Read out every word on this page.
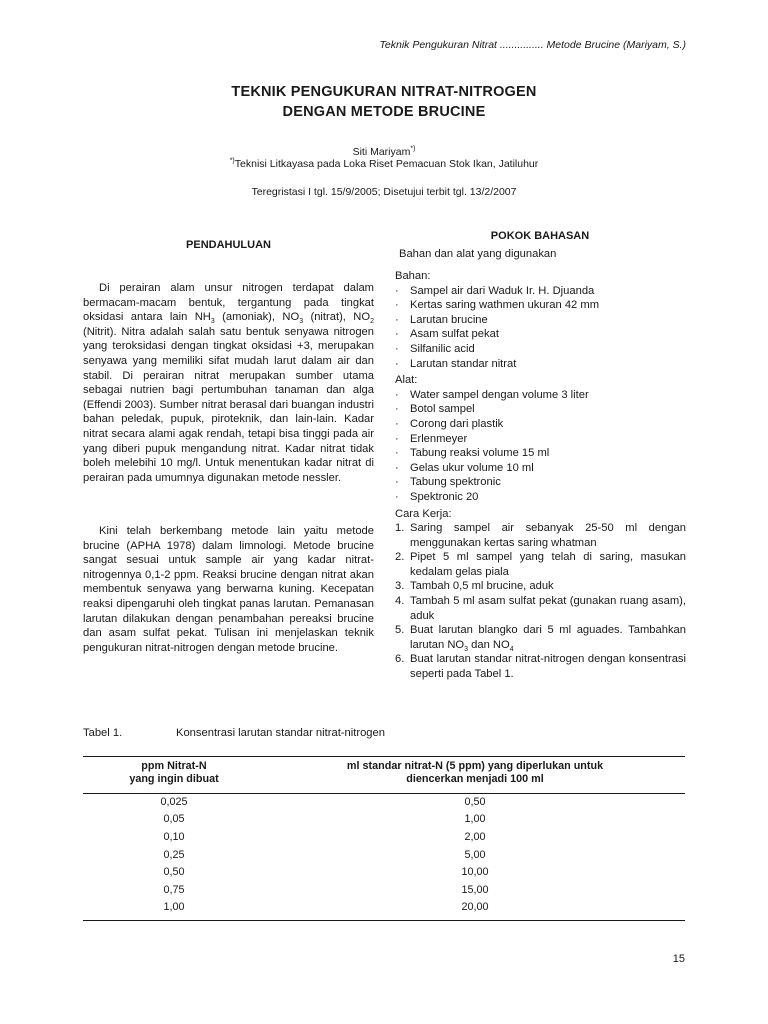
Teknik Pengukuran Nitrat ............... Metode Brucine (Mariyam, S.)
TEKNIK PENGUKURAN NITRAT-NITROGEN
DENGAN METODE BRUCINE
Siti Mariyam*)
*)Teknisi Litkayasa pada Loka Riset Pemacuan Stok Ikan, Jatiluhur
Teregristasi I tgl. 15/9/2005; Disetujui terbit tgl. 13/2/2007
PENDAHULUAN
Di perairan alam unsur nitrogen terdapat dalam bermacam-macam bentuk, tergantung pada tingkat oksidasi antara lain $NH_3$ (amoniak), $NO_3$ (nitrat), $NO_2$ (Nitrit). Nitra adalah salah satu bentuk senyawa nitrogen yang teroksidasi dengan tingkat oksidasi +3, merupakan senyawa yang memiliki sifat mudah larut dalam air dan stabil. Di perairan nitrat merupakan sumber utama sebagai nutrien bagi pertumbuhan tanaman dan alga (Effendi 2003). Sumber nitrat berasal dari buangan industri bahan peledak, pupuk, piroteknik, dan lain-lain. Kadar nitrat secara alami agak rendah, tetapi bisa tinggi pada air yang diberi pupuk mengandung nitrat. Kadar nitrat tidak boleh melebihi 10 mg/l. Untuk menentukan kadar nitrat di perairan pada umumnya digunakan metode nessler.
Kini telah berkembang metode lain yaitu metode brucine (APHA 1978) dalam limnologi. Metode brucine sangat sesuai untuk sample air yang kadar nitrat-nitrogennya 0,1-2 ppm. Reaksi brucine dengan nitrat akan membentuk senyawa yang berwarna kuning. Kecepatan reaksi dipengaruhi oleh tingkat panas larutan. Pemanasan larutan dilakukan dengan penambahan pereaksi brucine dan asam sulfat pekat. Tulisan ini menjelaskan teknik pengukuran nitrat-nitrogen dengan metode brucine.
POKOK BAHASAN
Bahan dan alat yang digunakan
Bahan:
· Sampel air dari Waduk Ir. H. Djuanda
· Kertas saring wathmen ukuran 42 mm
· Larutan brucine
· Asam sulfat pekat
· Silfanilic acid
· Larutan standar nitrat
Alat:
· Water sampel dengan volume 3 liter
· Botol sampel
· Corong dari plastik
· Erlenmeyer
· Tabung reaksi volume 15 ml
· Gelas ukur volume 10 ml
· Tabung spektronic
· Spektronic 20
Cara Kerja:
1. Saring sampel air sebanyak 25-50 ml dengan menggunakan kertas saring whatman
2. Pipet 5 ml sampel yang telah di saring, masukan kedalam gelas piala
3. Tambah 0,5 ml brucine, aduk
4. Tambah 5 ml asam sulfat pekat (gunakan ruang asam), aduk
5. Buat larutan blangko dari 5 ml aguades. Tambahkan larutan $NO_3$ dan $NO_4$
6. Buat larutan standar nitrat-nitrogen dengan konsentrasi seperti pada Tabel 1.
Tabel 1.	Konsentrasi larutan standar nitrat-nitrogen
ppm Nitrat-N
yang ingin dibuat

ml standar nitrat-N (5 ppm) yang diperlukan untuk
diencerkan menjadi 100 ml
0,025	0,50
0,05	1,00
0,10	2,00
0,25	5,00
0,50	10,00
0,75	15,00
1,00	20,00
15
